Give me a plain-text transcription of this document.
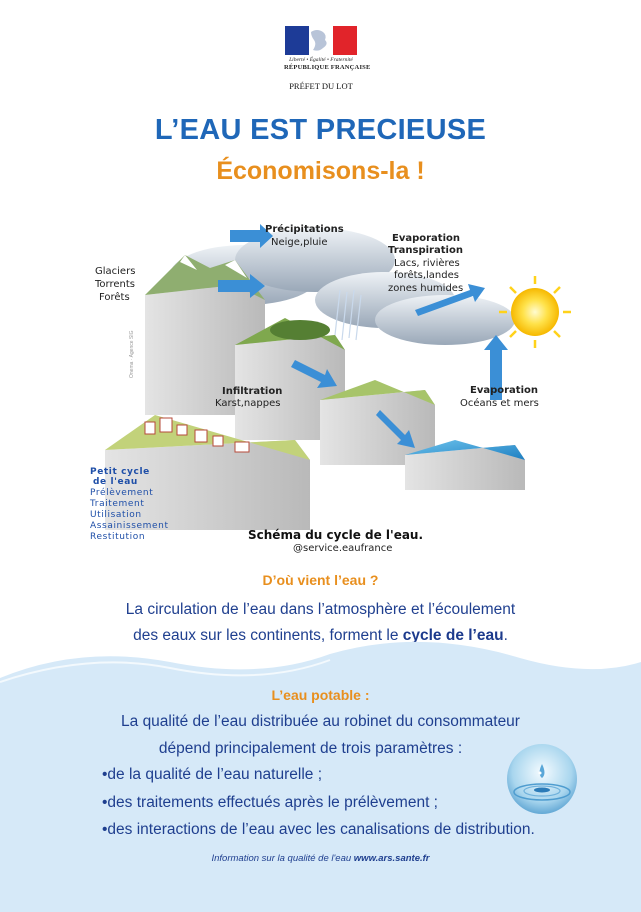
Liberté • Égalité • Fraternité
RÉPUBLIQUE FRANÇAISE
PRÉFET DU LOT
L’EAU EST PRECIEUSE
Économisons-la !
Glaciers
Torrents
Forêts
Précipitations
Neige,pluie	Evaporation
Transpiration
Lacs, rivières
forêts,landes
zones humides
Infiltration
Karst,nappes
Evaporation
Océans et mers
Petit cycle
de l'eau
Prélèvement
Traitement
Utilisation
Assainissement
Restitution	Schéma du cycle de l'eau.
@service.eaufrance
Onema · Agence SIG
D’où vient l’eau ?
La circulation de l’eau dans l’atmosphère et l’écoulement
des eaux sur les continents, forment le cycle de l’eau.
L’eau potable :
La qualité de l’eau distribuée au robinet du consommateur
dépend principalement de trois paramètres :
•de la qualité de l’eau naturelle ;
•des traitements effectués après le prélèvement ;
•des interactions de l’eau avec les canalisations de distribution.
Information sur la qualité de l'eau www.ars.sante.fr
